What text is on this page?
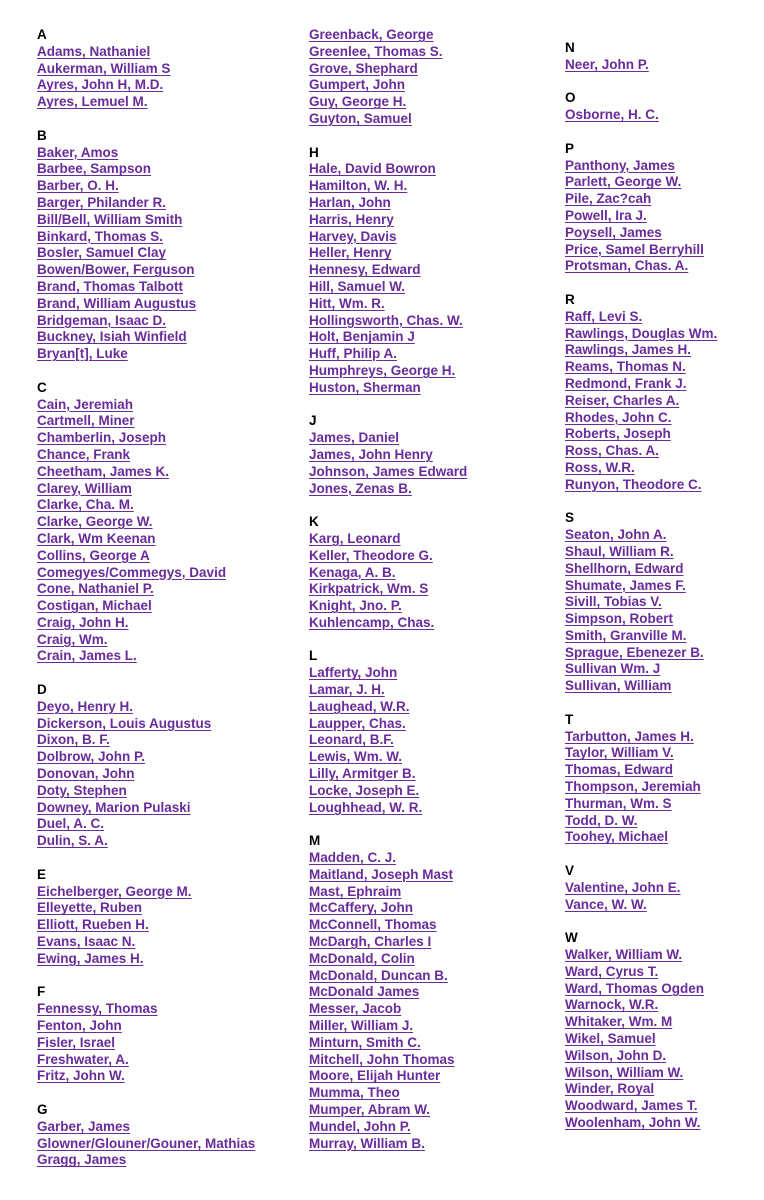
A
Adams, Nathaniel
Aukerman, William S
Ayres, John H, M.D.
Ayres, Lemuel M.
B
Baker, Amos
Barbee, Sampson
Barber, O. H.
Barger, Philander R.
Bill/Bell, William Smith
Binkard, Thomas S.
Bosler, Samuel Clay
Bowen/Bower, Ferguson
Brand, Thomas Talbott
Brand, William Augustus
Bridgeman, Isaac D.
Buckney, Isiah Winfield
Bryan[t], Luke
C
Cain, Jeremiah
Cartmell, Miner
Chamberlin, Joseph
Chance, Frank
Cheetham, James K.
Clarey, William
Clarke, Cha. M.
Clarke, George W.
Clark, Wm Keenan
Collins, George A
Comegyes/Commegys, David
Cone, Nathaniel P.
Costigan, Michael
Craig, John H.
Craig, Wm.
Crain, James L.
D
Deyo, Henry H.
Dickerson, Louis Augustus
Dixon, B. F.
Dolbrow, John P.
Donovan, John
Doty, Stephen
Downey, Marion Pulaski
Duel, A. C.
Dulin, S. A.
E
Eichelberger, George M.
Elleyette, Ruben
Elliott, Rueben H.
Evans, Isaac N.
Ewing, James H.
F
Fennessy, Thomas
Fenton, John
Fisler, Israel
Freshwater, A.
Fritz, John W.
G
Garber, James
Glowner/Glouner/Gouner, Mathias
Gragg, James
Greenback, George
Greenlee, Thomas S.
Grove, Shephard
Gumpert, John
Guy, George H.
Guyton, Samuel
H
Hale, David Bowron
Hamilton, W. H.
Harlan, John
Harris, Henry
Harvey, Davis
Heller, Henry
Hennesy, Edward
Hill, Samuel W.
Hitt, Wm. R.
Hollingsworth, Chas. W.
Holt, Benjamin J
Huff, Philip A.
Humphreys, George H.
Huston, Sherman
J
James, Daniel
James, John Henry
Johnson, James Edward
Jones, Zenas B.
K
Karg, Leonard
Keller, Theodore G.
Kenaga, A. B.
Kirkpatrick, Wm. S
Knight, Jno. P.
Kuhlencamp, Chas.
L
Lafferty, John
Lamar, J. H.
Laughead, W.R.
Laupper, Chas.
Leonard, B.F.
Lewis, Wm. W.
Lilly, Armitger B.
Locke, Joseph E.
Loughhead, W. R.
M
Madden, C. J.
Maitland, Joseph Mast
Mast, Ephraim
McCaffery, John
McConnell, Thomas
McDargh, Charles I
McDonald, Colin
McDonald, Duncan B.
McDonald James
Messer, Jacob
Miller, William J.
Minturn, Smith C.
Mitchell, John Thomas
Moore, Elijah Hunter
Mumma, Theo
Mumper, Abram W.
Mundel, John P.
Murray, William B.
N
Neer, John P.
O
Osborne, H. C.
P
Panthony, James
Parlett, George W.
Pile, Zac?cah
Powell, Ira J.
Poysell, James
Price, Samel Berryhill
Protsman, Chas. A.
R
Raff, Levi S.
Rawlings, Douglas Wm.
Rawlings, James H.
Reams, Thomas N.
Redmond, Frank J.
Reiser, Charles A.
Rhodes, John C.
Roberts, Joseph
Ross, Chas. A.
Ross, W.R.
Runyon, Theodore C.
S
Seaton, John A.
Shaul, William R.
Shellhorn, Edward
Shumate, James F.
Sivill, Tobias V.
Simpson, Robert
Smith, Granville M.
Sprague, Ebenezer B.
Sullivan Wm. J
Sullivan, William
T
Tarbutton, James H.
Taylor, William V.
Thomas, Edward
Thompson, Jeremiah
Thurman, Wm. S
Todd, D. W.
Toohey, Michael
V
Valentine, John E.
Vance, W. W.
W
Walker, William W.
Ward, Cyrus T.
Ward, Thomas Ogden
Warnock, W.R.
Whitaker, Wm. M
Wikel, Samuel
Wilson, John D.
Wilson, William W.
Winder, Royal
Woodward, James T.
Woolenham, John W.
